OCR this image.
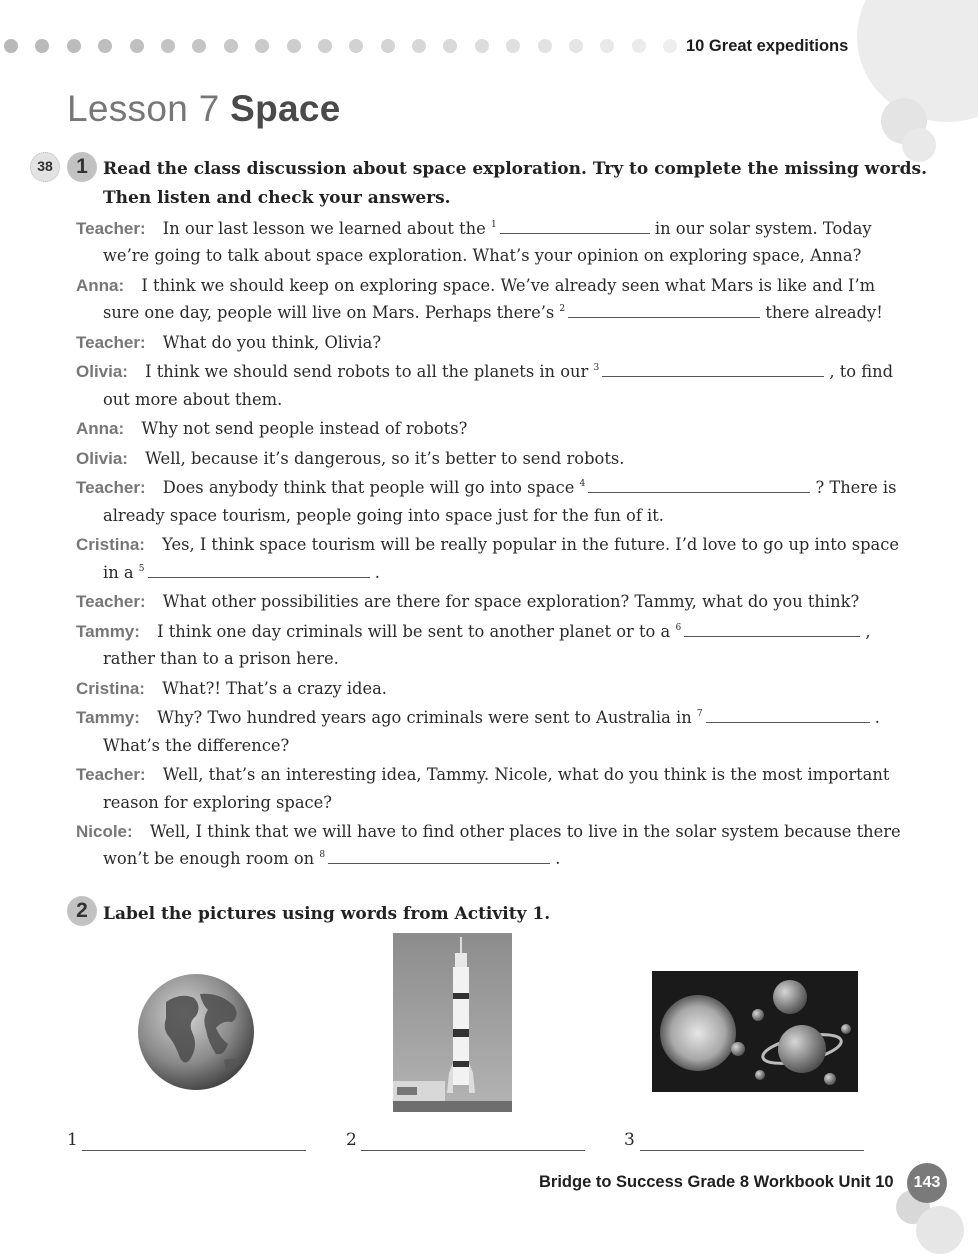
10 Great expeditions
Lesson 7 Space
38	1 Read the class discussion about space exploration. Try to complete the missing words.
Then listen and check your answers.
Teacher: In our last lesson we learned about the $^1$	in our solar system. Today we’re going to talk about space exploration. What’s your opinion on exploring space, Anna?
Anna: I think we should keep on exploring space. We’ve already seen what Mars is like and I’m sure one day, people will live on Mars. Perhaps there’s $^2$	there already!
Teacher: What do you think, Olivia?
Olivia: I think we should send robots to all the planets in our $^3$	, to find out more about them.
Anna: Why not send people instead of robots?
Olivia: Well, because it’s dangerous, so it’s better to send robots.
Teacher: Does anybody think that people will go into space $^4$	? There is already space tourism, people going into space just for the fun of it.
Cristina: Yes, I think space tourism will be really popular in the future. I’d love to go up into space in a $^5$	.
Teacher: What other possibilities are there for space exploration? Tammy, what do you think?
Tammy: I think one day criminals will be sent to another planet or to a $^6$	, rather than to a prison here.
Cristina: What?! That’s a crazy idea.
Tammy: Why? Two hundred years ago criminals were sent to Australia in $^7$	. What’s the difference?
Teacher: Well, that’s an interesting idea, Tammy. Nicole, what do you think is the most important reason for exploring space?
Nicole: Well, I think that we will have to find other places to live in the solar system because there won’t be enough room on $^8$	.
2 Label the pictures using words from Activity 1.
1	2	3
Bridge to Success Grade 8 Workbook Unit 10	143
